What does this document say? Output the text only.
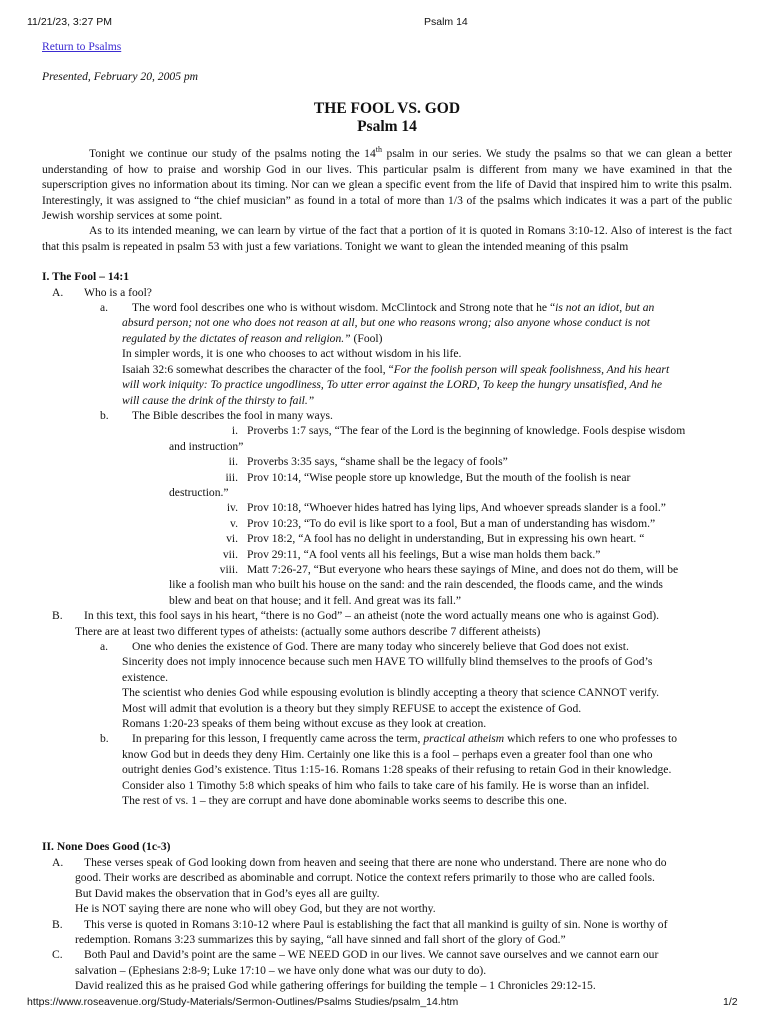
11/21/23, 3:27 PM	Psalm 14
Return to Psalms
Presented, February 20, 2005 pm
THE FOOL VS. GOD
Psalm 14

Tonight we continue our study of the psalms noting the 14th psalm in our series. We study the psalms so that we can glean a better understanding of how to praise and worship God in our lives. This particular psalm is different from many we have examined in that the superscription gives no information about its timing. Nor can we glean a specific event from the life of David that inspired him to write this psalm. Interestingly, it was assigned to “the chief musician” as found in a total of more than 1/3 of the psalms which indicates it was a part of the public Jewish worship services at some point.

As to its intended meaning, we can learn by virtue of the fact that a portion of it is quoted in Romans 3:10-12. Also of interest is the fact that this psalm is repeated in psalm 53 with just a few variations. Tonight we want to glean the intended meaning of this psalm

I. The Fool – 14:1
A. Who is a fool?

a. The word fool describes one who is without wisdom. McClintock and Strong note that he “is not an idiot, but an

absurd person; not one who does not reason at all, but one who reasons wrong; also anyone whose conduct is not
regulated by the dictates of reason and religion.” (Fool)
In simpler words, it is one who chooses to act without wisdom in his life.
Isaiah 32:6 somewhat describes the character of the fool, “For the foolish person will speak foolishness, And his heart
will work iniquity: To practice ungodliness, To utter error against the LORD, To keep the hungry unsatisfied, And he
will cause the drink of the thirsty to fail.”
b. The Bible describes the fool in many ways.

i. Proverbs 1:7 says, “The fear of the Lord is the beginning of knowledge. Fools despise wisdom

and instruction”
ii. Proverbs 3:35 says, “shame shall be the legacy of fools”

iii. Prov 10:14, “Wise people store up knowledge, But the mouth of the foolish is near

destruction.”
iv. Prov 10:18, “Whoever hides hatred has lying lips, And whoever spreads slander is a fool.”

v. Prov 10:23, “To do evil is like sport to a fool, But a man of understanding has wisdom.”

vi. Prov 18:2, “A fool has no delight in understanding, But in expressing his own heart. “

vii. Prov 29:11, “A fool vents all his feelings, But a wise man holds them back.”

viii. Matt 7:26-27, “But everyone who hears these sayings of Mine, and does not do them, will be

like a foolish man who built his house on the sand: and the rain descended, the floods came, and the winds
blew and beat on that house; and it fell. And great was its fall.”
B. In this text, this fool says in his heart, “there is no God” – an atheist (note the word actually means one who is against God).

There are at least two different types of atheists: (actually some authors describe 7 different atheists)
a. One who denies the existence of God. There are many today who sincerely believe that God does not exist.

Sincerity does not imply innocence because such men HAVE TO willfully blind themselves to the proofs of God’s
existence.
The scientist who denies God while espousing evolution is blindly accepting a theory that science CANNOT verify.
Most will admit that evolution is a theory but they simply REFUSE to accept the existence of God.
Romans 1:20-23 speaks of them being without excuse as they look at creation.
b. In preparing for this lesson, I frequently came across the term, practical atheism which refers to one who professes to

know God but in deeds they deny Him. Certainly one like this is a fool – perhaps even a greater fool than one who
outright denies God’s existence. Titus 1:15-16. Romans 1:28 speaks of their refusing to retain God in their knowledge.
Consider also 1 Timothy 5:8 which speaks of him who fails to take care of his family. He is worse than an infidel.
The rest of vs. 1 – they are corrupt and have done abominable works seems to describe this one.
II. None Does Good (1c-3)
A. These verses speak of God looking down from heaven and seeing that there are none who understand. There are none who do

good. Their works are described as abominable and corrupt. Notice the context refers primarily to those who are called fools.
But David makes the observation that in God’s eyes all are guilty.
He is NOT saying there are none who will obey God, but they are not worthy.
B. This verse is quoted in Romans 3:10-12 where Paul is establishing the fact that all mankind is guilty of sin. None is worthy of

redemption. Romans 3:23 summarizes this by saying, “all have sinned and fall short of the glory of God.”
C. Both Paul and David’s point are the same – WE NEED GOD in our lives. We cannot save ourselves and we cannot earn our

salvation – (Ephesians 2:8-9; Luke 17:10 – we have only done what was our duty to do).
David realized this as he praised God while gathering offerings for building the temple – 1 Chronicles 29:12-15.
https://www.roseavenue.org/Study-Materials/Sermon-Outlines/Psalms Studies/psalm_14.htm	1/2
